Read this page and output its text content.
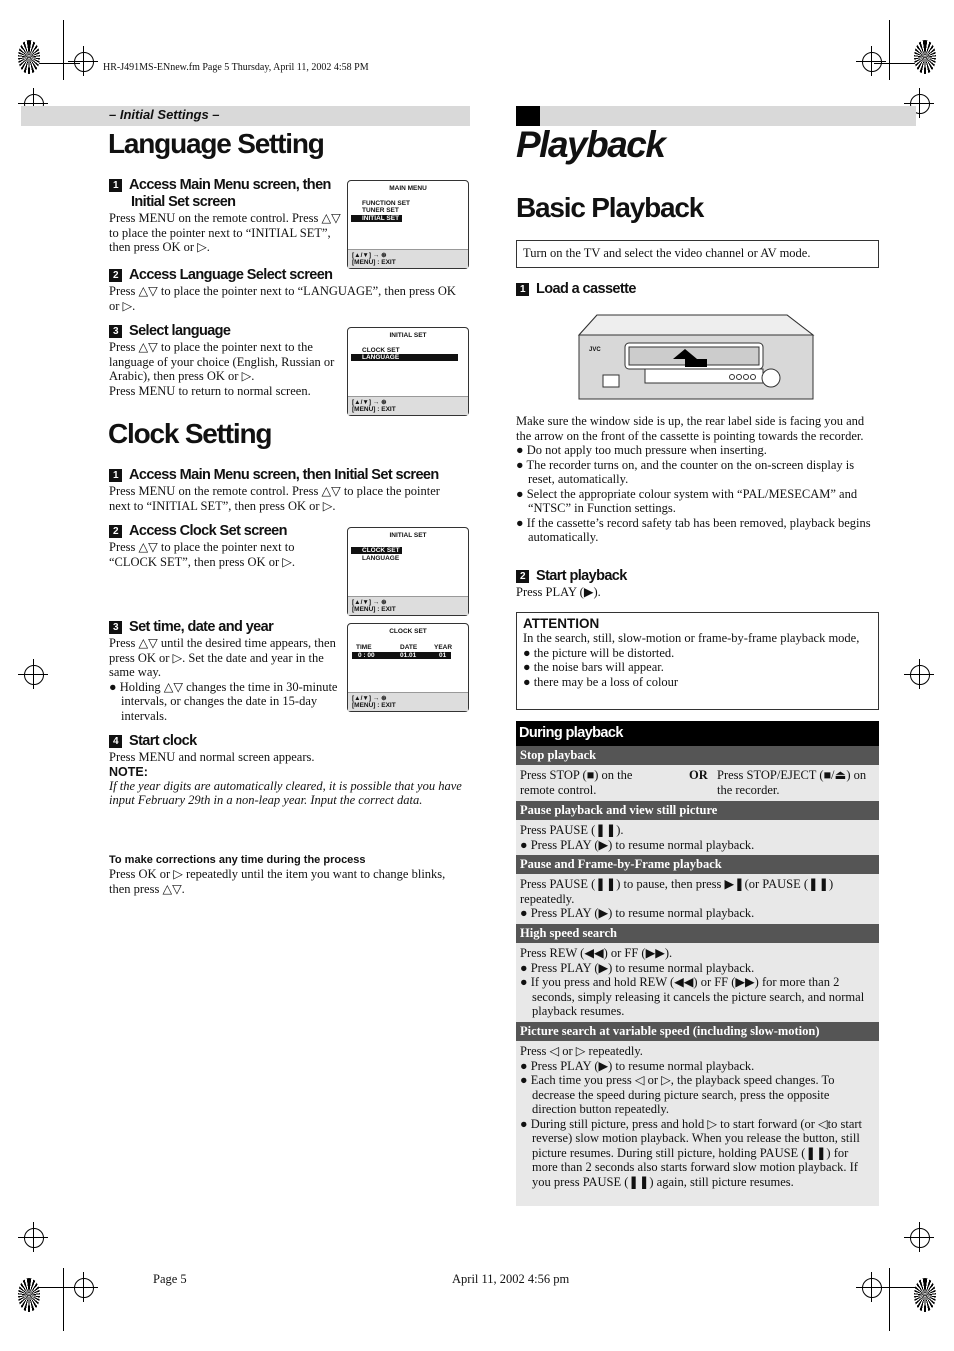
HR-J491MS-ENnew.fm Page 5 Thursday, April 11, 2002 4:58 PM
– Initial Settings –
Language Setting
1 Access Main Menu screen, then
Initial Set screen
Press MENU on the remote control. Press △▽ to place the pointer next to “INITIAL SET”, then press OK or ▷.
MAIN MENU
FUNCTION SET
TUNER SET
INITIAL SET
[▲/▼] → ⊛
[MENU] : EXIT
2 Access Language Select screen
Press △▽ to place the pointer next to “LANGUAGE”, then press OK or ▷.
3 Select language
Press △▽ to place the pointer next to the language of your choice (English, Russian or Arabic), then press OK or ▷.
Press MENU to return to normal screen.
INITIAL SET
CLOCK SET
LANGUAGE
[▲/▼] → ⊛
[MENU] : EXIT
Clock Setting
1 Access Main Menu screen, then Initial Set screen
Press MENU on the remote control. Press △▽ to place the pointer next to “INITIAL SET”, then press OK or ▷.
2 Access Clock Set screen
Press △▽ to place the pointer next to “CLOCK SET”, then press OK or ▷.
INITIAL SET
CLOCK SET
LANGUAGE
[▲/▼] → ⊛
[MENU] : EXIT
3 Set time, date and year
Press △▽ until the desired time appears, then press OK or ▷. Set the date and year in the same way.
● Holding △▽ changes the time in 30-minute intervals, or changes the date in 15-day intervals.
CLOCK SET
TIME	DATE	YEAR
0 : 00	01.01	01
[▲/▼] → ⊛
[MENU] : EXIT
4 Start clock
Press MENU and normal screen appears.
NOTE:
If the year digits are automatically cleared, it is possible that you have input February 29th in a non-leap year. Input the correct data.
To make corrections any time during the process
Press OK or ▷ repeatedly until the item you want to change blinks, then press △▽.
Playback
Basic Playback
Turn on the TV and select the video channel or AV mode.
1 Load a cassette
JVC
Make sure the window side is up, the rear label side is facing you and the arrow on the front of the cassette is pointing towards the recorder.
● Do not apply too much pressure when inserting.
● The recorder turns on, and the counter on the on-screen display is reset, automatically.
● Select the appropriate colour system with “PAL/MESECAM” and “NTSC” in Function settings.
● If the cassette’s record safety tab has been removed, playback begins automatically.
2 Start playback
Press PLAY (▶).
ATTENTION
In the search, still, slow-motion or frame-by-frame playback mode,
● the picture will be distorted.
● the noise bars will appear.
● there may be a loss of colour
During playback
Stop playback
Press STOP (■) on the remote control.
OR Press STOP/EJECT (■/⏏) on the recorder.
Pause playback and view still picture
Press PAUSE (❚❚).
● Press PLAY (▶) to resume normal playback.
Pause and Frame-by-Frame playback
Press PAUSE (❚❚) to pause, then press ▶❚(or PAUSE (❚❚) repeatedly.
● Press PLAY (▶) to resume normal playback.
High speed search
Press REW (◀◀) or FF (▶▶).
● Press PLAY (▶) to resume normal playback.
● If you press and hold REW (◀◀) or FF (▶▶) for more than 2 seconds, simply releasing it cancels the picture search, and normal playback resumes.
Picture search at variable speed (including slow-motion)
Press ◁ or ▷ repeatedly.
● Press PLAY (▶) to resume normal playback.
● Each time you press ◁ or ▷, the playback speed changes. To decrease the speed during picture search, press the opposite direction button repeatedly.
● During still picture, press and hold ▷ to start forward (or ◁to start reverse) slow motion playback. When you release the button, still picture resumes. During still picture, holding PAUSE (❚❚) for more than 2 seconds also starts forward slow motion playback. If you press PAUSE (❚❚) again, still picture resumes.
Page 5	April 11, 2002 4:56 pm
